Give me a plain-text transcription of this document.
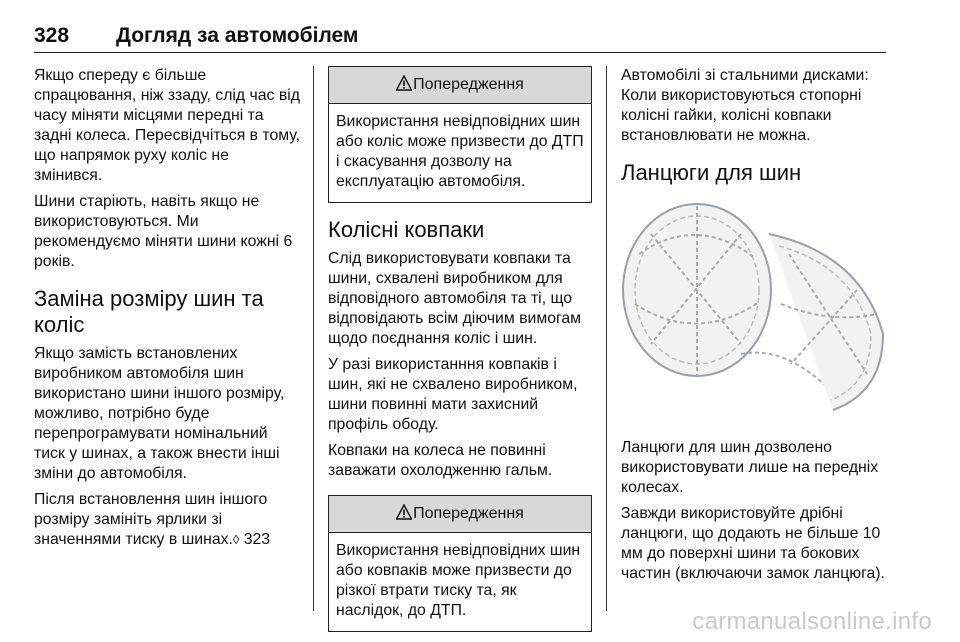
328 Догляд за автомобілем

Якщо спереду є більше спрацювання, ніж ззаду, слід час від часу міняти місцями передні та задні колеса. Пересвідчіться в тому, що напрямок руху коліс не змінився.

Шини старіють, навіть якщо не використовуються. Ми рекомендуємо міняти шини кожні 6 років.

Заміна розміру шин та коліс

Якщо замість встановлених виробником автомобіля шин використано шини іншого розміру, можливо, потрібно буде перепрограмувати номінальний тиск у шинах, а також внести інші зміни до автомобіля.

Після встановлення шин іншого розміру замініть ярлики зі значеннями тиску в шинах.◊ 323

Попередження
Використання невідповідних шин або коліс може призвести до ДТП і скасування дозволу на експлуатацію автомобіля.
Колісні ковпаки

Слід використовувати ковпаки та шини, схвалені виробником для відповідного автомобіля та ті, що відповідають всім діючим вимогам щодо поєднання коліс і шин.

У разі використанння ковпаків і шин, які не схвалено виробником, шини повинні мати захисний профіль ободу.

Ковпаки на колеса не повинні заважати охолодженню гальм.

Попередження
Використання невідповідних шин або ковпаків може призвести до різкої втрати тиску та, як наслідок, до ДТП.

Автомобілі зі стальними дисками: Коли використовуються стопорні колісні гайки, колісні ковпаки встановлювати не можна.

Ланцюги для шин

Ланцюги для шин дозволено використовувати лише на передніх колесах.

Завжди використовуйте дрібні ланцюги, що додають не більше 10 мм до поверхні шини та бокових частин (включаючи замок ланцюга).

carmanualsonline.info
